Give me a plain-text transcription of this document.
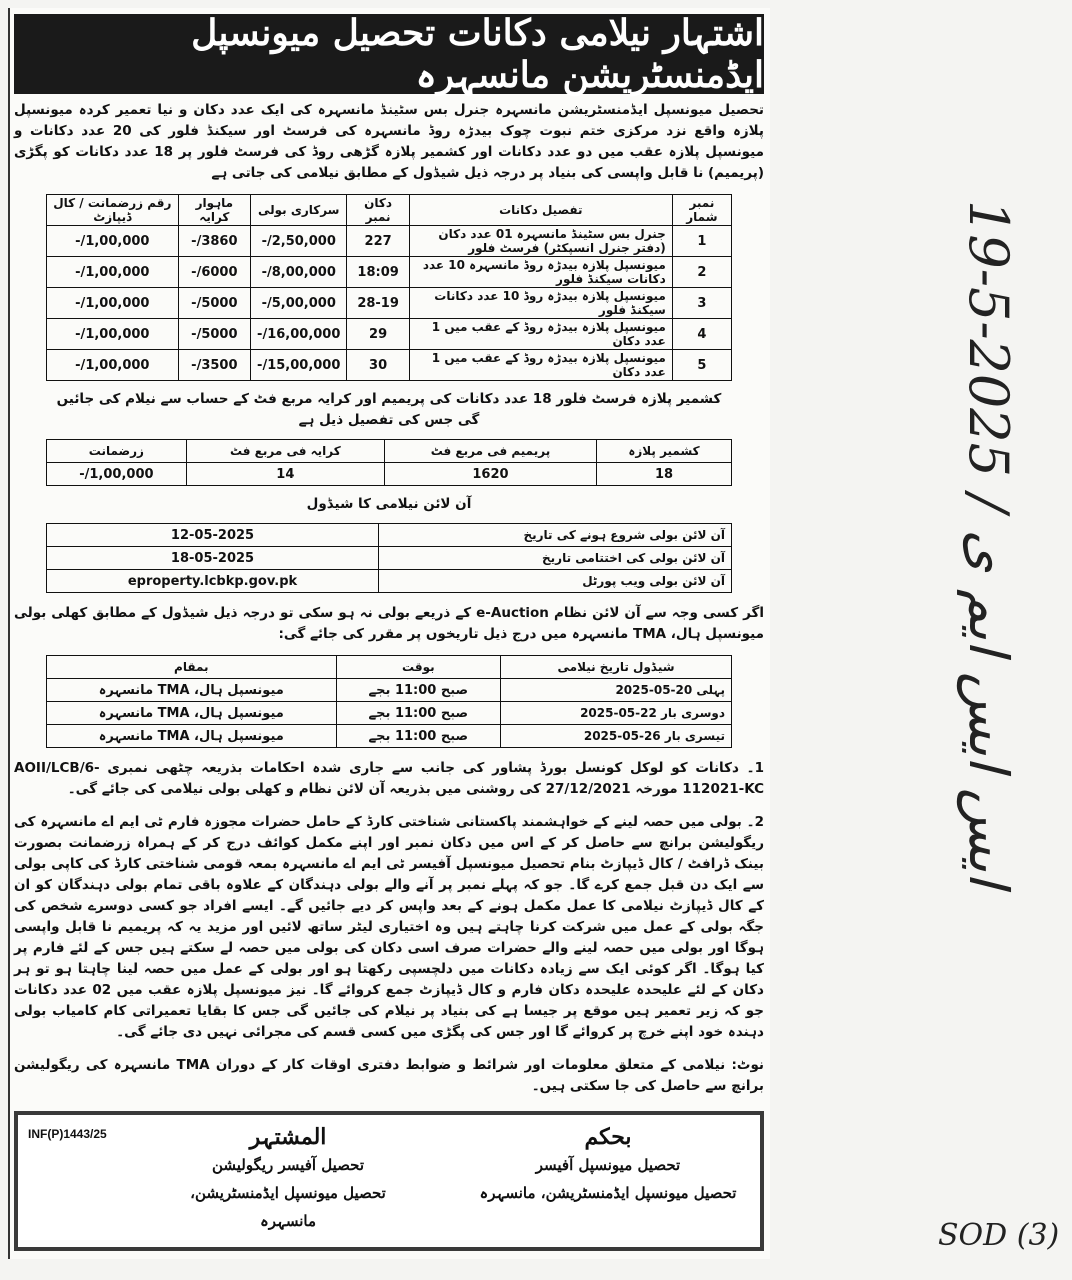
اشتہار نیلامی دکانات تحصیل میونسپل ایڈمنسٹریشن مانسہرہ
تحصیل میونسپل ایڈمنسٹریشن مانسہرہ جنرل بس سٹینڈ مانسہرہ کی ایک عدد دکان و نیا تعمیر کردہ میونسپل پلازہ واقع نزد مرکزی ختم نبوت چوک بیدڑہ روڈ مانسہرہ کی فرسٹ اور سیکنڈ فلور کی 20 عدد دکانات و میونسپل پلازہ عقب میں دو عدد دکانات اور کشمیر پلازہ گڑھی روڈ کی فرسٹ فلور پر 18 عدد دکانات کو پگڑی (پریمیم) نا قابل واپسی کی بنیاد پر درجہ ذیل شیڈول کے مطابق نیلامی کی جاتی ہے
نمبر شمار	تفصیل دکانات	دکان نمبر	سرکاری بولی	ماہوار کرایہ	رقم زرضمانت / کال ڈیپازٹ
1	جنرل بس سٹینڈ مانسہرہ 01 عدد دکان (دفتر جنرل انسپکٹر) فرسٹ فلور	227	2,50,000/-	3860/-	1,00,000/-
2	میونسپل پلازہ بیدڑہ روڈ مانسہرہ 10 عدد دکانات سیکنڈ فلور	18:09	8,00,000/-	6000/-	1,00,000/-
3	میونسپل پلازہ بیدڑہ روڈ 10 عدد دکانات سیکنڈ فلور	28-19	5,00,000/-	5000/-	1,00,000/-
4	میونسپل پلازہ بیدڑہ روڈ کے عقب میں 1 عدد دکان	29	16,00,000/-	5000/-	1,00,000/-
5	میونسپل پلازہ بیدڑہ روڈ کے عقب میں 1 عدد دکان	30	15,00,000/-	3500/-	1,00,000/-
کشمیر پلازہ فرسٹ فلور 18 عدد دکانات کی پریمیم اور کرایہ مربع فٹ کے حساب سے نیلام کی جائیں گی جس کی تفصیل ذیل ہے
کشمیر پلازہ	پریمیم فی مربع فٹ	کرایہ فی مربع فٹ	زرضمانت
18	1620	14	1,00,000/-
آن لائن نیلامی کا شیڈول
آن لائن بولی شروع ہونے کی تاریخ	12-05-2025
آن لائن بولی کی اختتامی تاریخ	18-05-2025
آن لائن بولی ویب پورٹل	eproperty.lcbkp.gov.pk
اگر کسی وجہ سے آن لائن نظام e-Auction کے ذریعے بولی نہ ہو سکی تو درجہ ذیل شیڈول کے مطابق کھلی بولی میونسپل ہال، TMA مانسہرہ میں درج ذیل تاریخوں پر مقرر کی جائے گی:
شیڈول تاریخ نیلامی	بوقت	بمقام
پہلی 20-05-2025	صبح 11:00 بجے	میونسپل ہال، TMA مانسہرہ
دوسری بار 22-05-2025	صبح 11:00 بجے	میونسپل ہال، TMA مانسہرہ
تیسری بار 26-05-2025	صبح 11:00 بجے	میونسپل ہال، TMA مانسہرہ
1۔ دکانات کو لوکل کونسل بورڈ پشاور کی جانب سے جاری شدہ احکامات بذریعہ چٹھی نمبری AOII/LCB/6-112021-KC مورخہ 27/12/2021 کی روشنی میں بذریعہ آن لائن نظام و کھلی بولی نیلامی کی جائے گی۔
2۔ بولی میں حصہ لینے کے خواہشمند پاکستانی شناختی کارڈ کے حامل حضرات مجوزہ فارم ٹی ایم اے مانسہرہ کی ریگولیشن برانچ سے حاصل کر کے اس میں دکان نمبر اور اپنے مکمل کوائف درج کر کے ہمراہ زرضمانت بصورت بینک ڈرافٹ / کال ڈیپازٹ بنام تحصیل میونسپل آفیسر ٹی ایم اے مانسہرہ بمعہ قومی شناختی کارڈ کی کاپی بولی سے ایک دن قبل جمع کرے گا۔ جو کہ پہلے نمبر پر آنے والے بولی دہندگان کے علاوہ باقی تمام بولی دہندگان کو ان کے کال ڈیپازٹ نیلامی کا عمل مکمل ہونے کے بعد واپس کر دیے جائیں گے۔ ایسے افراد جو کسی دوسرے شخص کی جگہ بولی کے عمل میں شرکت کرنا چاہتے ہیں وہ اختیاری لیٹر ساتھ لائیں اور مزید یہ کہ پریمیم نا قابل واپسی ہوگا اور بولی میں حصہ لینے والے حضرات صرف اسی دکان کی بولی میں حصہ لے سکتے ہیں جس کے لئے فارم پر کیا ہوگا۔ اگر کوئی ایک سے زیادہ دکانات میں دلچسپی رکھتا ہو اور بولی کے عمل میں حصہ لینا چاہتا ہو تو ہر دکان کے لئے علیحدہ علیحدہ دکان فارم و کال ڈیپازٹ جمع کروائے گا۔ نیز میونسپل پلازہ عقب میں 02 عدد دکانات جو کہ زیر تعمیر ہیں موقع پر جیسا ہے کی بنیاد پر نیلام کی جائیں گی جس کا بقایا تعمیراتی کام کامیاب بولی دہندہ خود اپنے خرچ پر کروائے گا اور جس کی پگڑی میں کسی قسم کی مجرائی نہیں دی جائے گی۔
نوٹ: نیلامی کے متعلق معلومات اور شرائط و ضوابط دفتری اوقات کار کے دوران TMA مانسہرہ کی ریگولیشن برانچ سے حاصل کی جا سکتی ہیں۔
INF(P)1443/25	المشتہر
تحصیل آفیسر ریگولیشن
تحصیل میونسپل ایڈمنسٹریشن، مانسہرہ
بحکم
تحصیل میونسپل آفیسر
تحصیل میونسپل ایڈمنسٹریشن، مانسہرہ
19-5-2025 / ایس ایس ایم ی
SOD (3)
